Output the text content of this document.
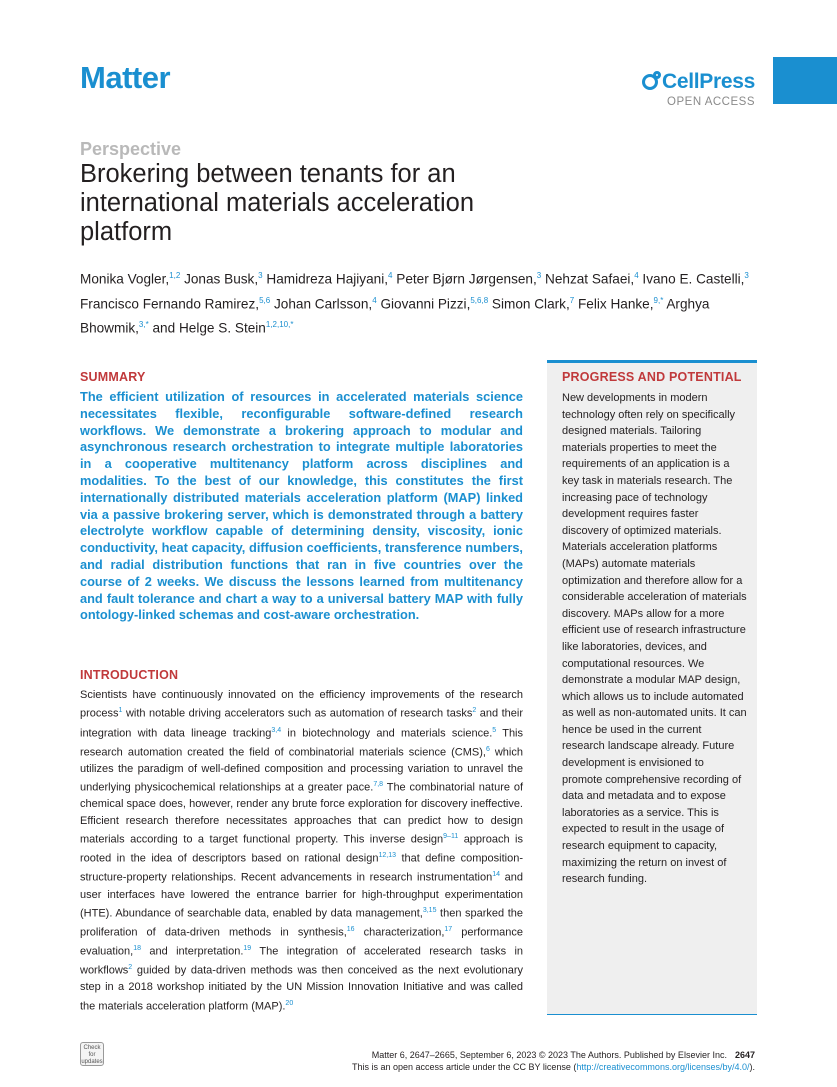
Matter	CellPress
OPEN ACCESS
Perspective
Brokering between tenants for an international materials acceleration platform
Monika Vogler,$^{1,2}$ Jonas Busk,$^3$ Hamidreza Hajiyani,$^4$ Peter Bjørn Jørgensen,$^3$ Nehzat Safaei,$^4$ Ivano E. Castelli,$^3$ Francisco Fernando Ramirez,$^{5,6}$ Johan Carlsson,$^4$ Giovanni Pizzi,$^{5,6,8}$ Simon Clark,$^7$ Felix Hanke,$^{9,*}$ Arghya Bhowmik,$^{3,*}$ and Helge S. Stein$^{1,2,10,*}$
SUMMARY
The efficient utilization of resources in accelerated materials science necessitates flexible, reconfigurable software-defined research workflows. We demonstrate a brokering approach to modular and asynchronous research orchestration to integrate multiple laboratories in a cooperative multitenancy platform across disciplines and modalities. To the best of our knowledge, this constitutes the first internationally distributed materials acceleration platform (MAP) linked via a passive brokering server, which is demonstrated through a battery electrolyte workflow capable of determining density, viscosity, ionic conductivity, heat capacity, diffusion coefficients, transference numbers, and radial distribution functions that ran in five countries over the course of 2 weeks. We discuss the lessons learned from multitenancy and fault tolerance and chart a way to a universal battery MAP with fully ontology-linked schemas and cost-aware orchestration.
INTRODUCTION
Scientists have continuously innovated on the efficiency improvements of the research process$^1$ with notable driving accelerators such as automation of research tasks$^2$ and their integration with data lineage tracking$^{3,4}$ in biotechnology and materials science.$^5$ This research automation created the field of combinatorial materials science (CMS),$^6$ which utilizes the paradigm of well-defined composition and processing variation to unravel the underlying physicochemical relationships at a greater pace.$^{7,8}$ The combinatorial nature of chemical space does, however, render any brute force exploration for discovery ineffective. Efficient research therefore necessitates approaches that can predict how to design materials according to a target functional property. This inverse design$^{9-11}$ approach is rooted in the idea of descriptors based on rational design$^{12,13}$ that define composition-structure-property relationships. Recent advancements in research instrumentation$^{14}$ and user interfaces have lowered the entrance barrier for high-throughput experimentation (HTE). Abundance of searchable data, enabled by data management,$^{3,15}$ then sparked the proliferation of data-driven methods in synthesis,$^{16}$ characterization,$^{17}$ performance evaluation,$^{18}$ and interpretation.$^{19}$ The integration of accelerated research tasks in workflows$^2$ guided by data-driven methods was then conceived as the next evolutionary step in a 2018 workshop initiated by the UN Mission Innovation Initiative and was called the materials acceleration platform (MAP).$^{20}$
PROGRESS AND POTENTIAL
New developments in modern technology often rely on specifically designed materials. Tailoring materials properties to meet the requirements of an application is a key task in materials research. The increasing pace of technology development requires faster discovery of optimized materials. Materials acceleration platforms (MAPs) automate materials optimization and therefore allow for a considerable acceleration of materials discovery. MAPs allow for a more efficient use of research infrastructure like laboratories, devices, and computational resources. We demonstrate a modular MAP design, which allows us to include automated as well as non-automated units. It can hence be used in the current research landscape already. Future development is envisioned to promote comprehensive recording of data and metadata and to expose laboratories as a service. This is expected to result in the usage of research equipment to capacity, maximizing the return on invest of research funding.
Check for updates
Matter 6, 2647–2665, September 6, 2023 © 2023 The Authors. Published by Elsevier Inc. 2647
This is an open access article under the CC BY license (http://creativecommons.org/licenses/by/4.0/).
